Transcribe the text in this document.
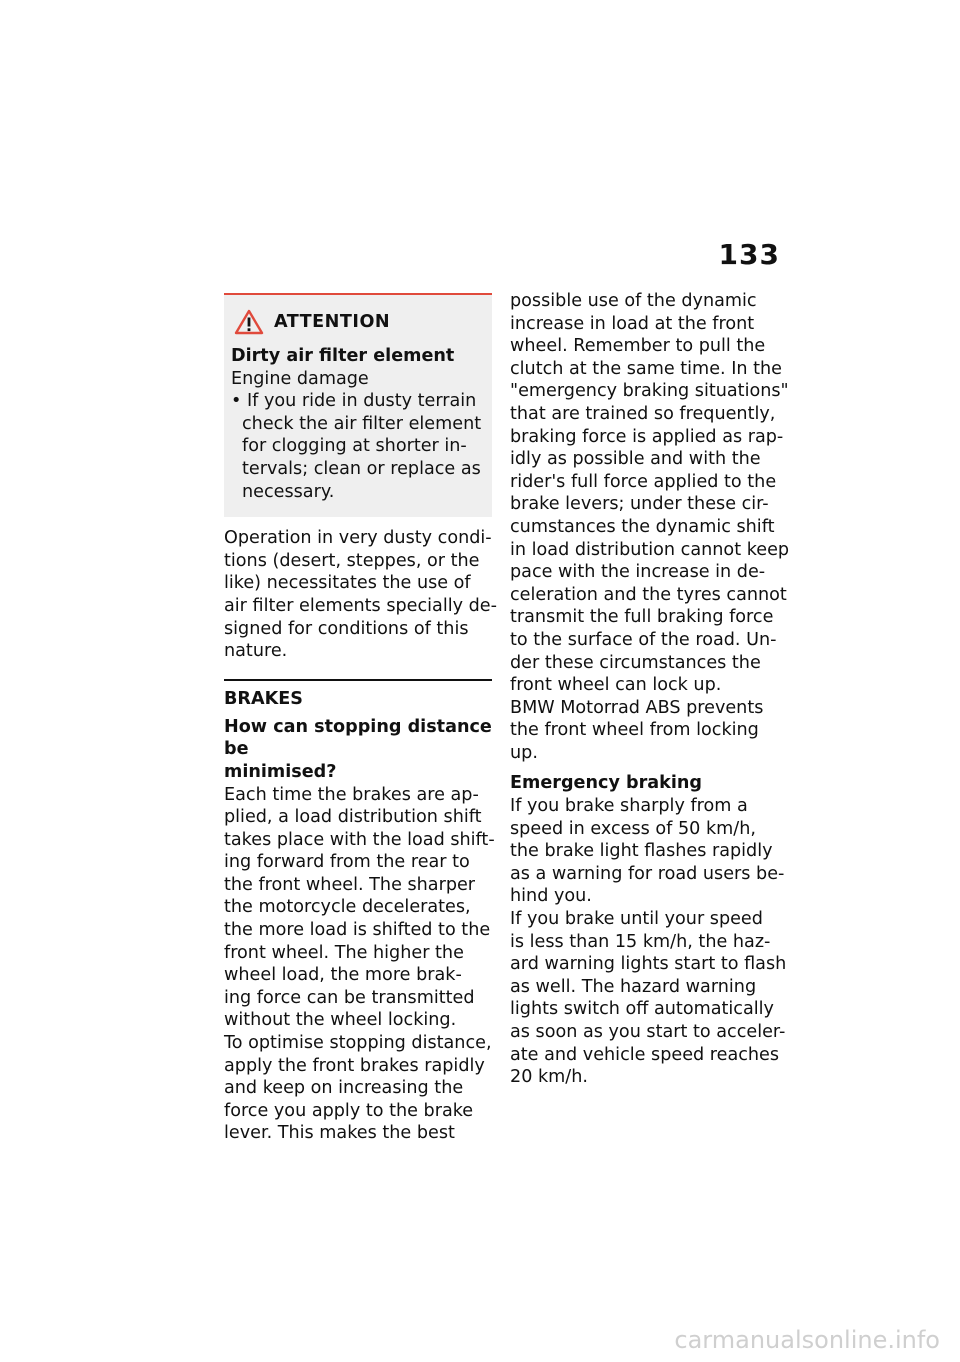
133
ATTENTION
Dirty air filter element
Engine damage
• If you ride in dusty terrain
check the air filter element
for clogging at shorter in-
tervals; clean or replace as
necessary.
Operation in very dusty condi-
tions (desert, steppes, or the
like) necessitates the use of
air filter elements specially de-
signed for conditions of this
nature.
BRAKES
How can stopping distance be
minimised?
Each time the brakes are ap-
plied, a load distribution shift
takes place with the load shift-
ing forward from the rear to
the front wheel. The sharper
the motorcycle decelerates,
the more load is shifted to the
front wheel. The higher the
wheel load, the more brak-
ing force can be transmitted
without the wheel locking.
To optimise stopping distance,
apply the front brakes rapidly
and keep on increasing the
force you apply to the brake
lever. This makes the best
possible use of the dynamic
increase in load at the front
wheel. Remember to pull the
clutch at the same time. In the
"emergency braking situations"
that are trained so frequently,
braking force is applied as rap-
idly as possible and with the
rider's full force applied to the
brake levers; under these cir-
cumstances the dynamic shift
in load distribution cannot keep
pace with the increase in de-
celeration and the tyres cannot
transmit the full braking force
to the surface of the road. Un-
der these circumstances the
front wheel can lock up.
BMW Motorrad ABS prevents
the front wheel from locking
up.
Emergency braking
If you brake sharply from a
speed in excess of 50 km/h,
the brake light flashes rapidly
as a warning for road users be-
hind you.
If you brake until your speed
is less than 15 km/h, the haz-
ard warning lights start to flash
as well. The hazard warning
lights switch off automatically
as soon as you start to acceler-
ate and vehicle speed reaches
20 km/h.
carmanualsonline.info
